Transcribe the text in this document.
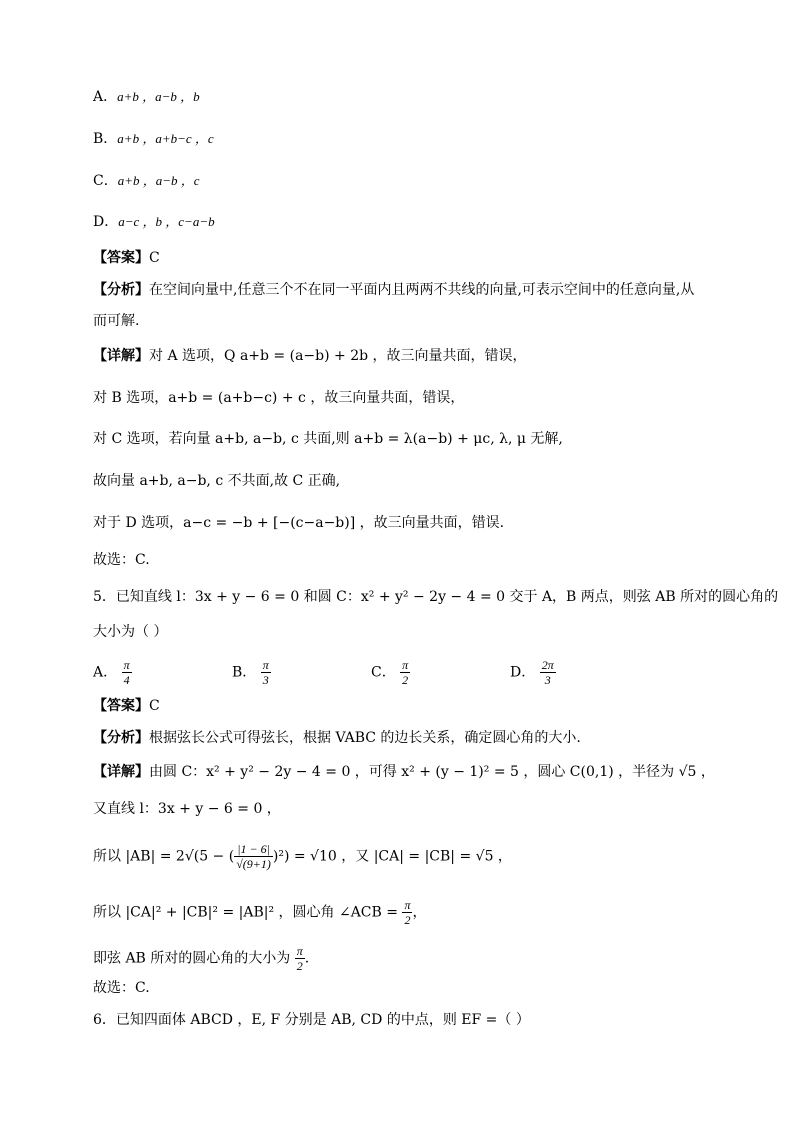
A．a+b ，a−b ，b
B．a+b ，a+b−c ，c
C．a+b ，a−b ，c
D．a−c ，b ，c−a−b
【答案】C
【分析】在空间向量中,任意三个不在同一平面内且两两不共线的向量,可表示空间中的任意向量,从
而可解.
【详解】对 A 选项，Q a+b = (a−b) + 2b ，故三向量共面，错误，
对 B 选项，a+b = (a+b−c) + c ，故三向量共面，错误，
对 C 选项，若向量 a+b, a−b, c 共面,则 a+b = λ(a−b) + μc, λ, μ 无解,
故向量 a+b, a−b, c 不共面,故 C 正确,
对于 D 选项，a−c = −b + [−(c−a−b)] ，故三向量共面，错误.
故选：C.
5．已知直线 l：3x + y − 6 = 0 和圆 C：x² + y² − 2y − 4 = 0 交于 A，B 两点，则弦 AB 所对的圆心角的
大小为（ ）
A． $\frac{\pi}{4}$	B． $\frac{\pi}{3}$	C． $\frac{\pi}{2}$	D． $\frac{2\pi}{3}$
【答案】C
【分析】根据弦长公式可得弦长，根据 VABC 的边长关系，确定圆心角的大小.
【详解】由圆 C：x² + y² − 2y − 4 = 0 ，可得 x² + (y − 1)² = 5 ，圆心 C(0,1) ，半径为 √5 ，
又直线 l：3x + y − 6 = 0 ，
所以 |AB| = 2√(5 − ( $\frac{|1 - 6|}{√(9+1)} )^2) = √10$ ，又 |CA| = |CB| = √5 ，
所以 |CA|² + |CB|² = |AB|² ，圆心角 ∠ACB = $\frac{\pi}{2}$ ，
即弦 AB 所对的圆心角的大小为 $\frac{\pi}{2}$ .
故选：C.
6．已知四面体 ABCD ，E, F 分别是 AB, CD 的中点，则 EF =（ ）
